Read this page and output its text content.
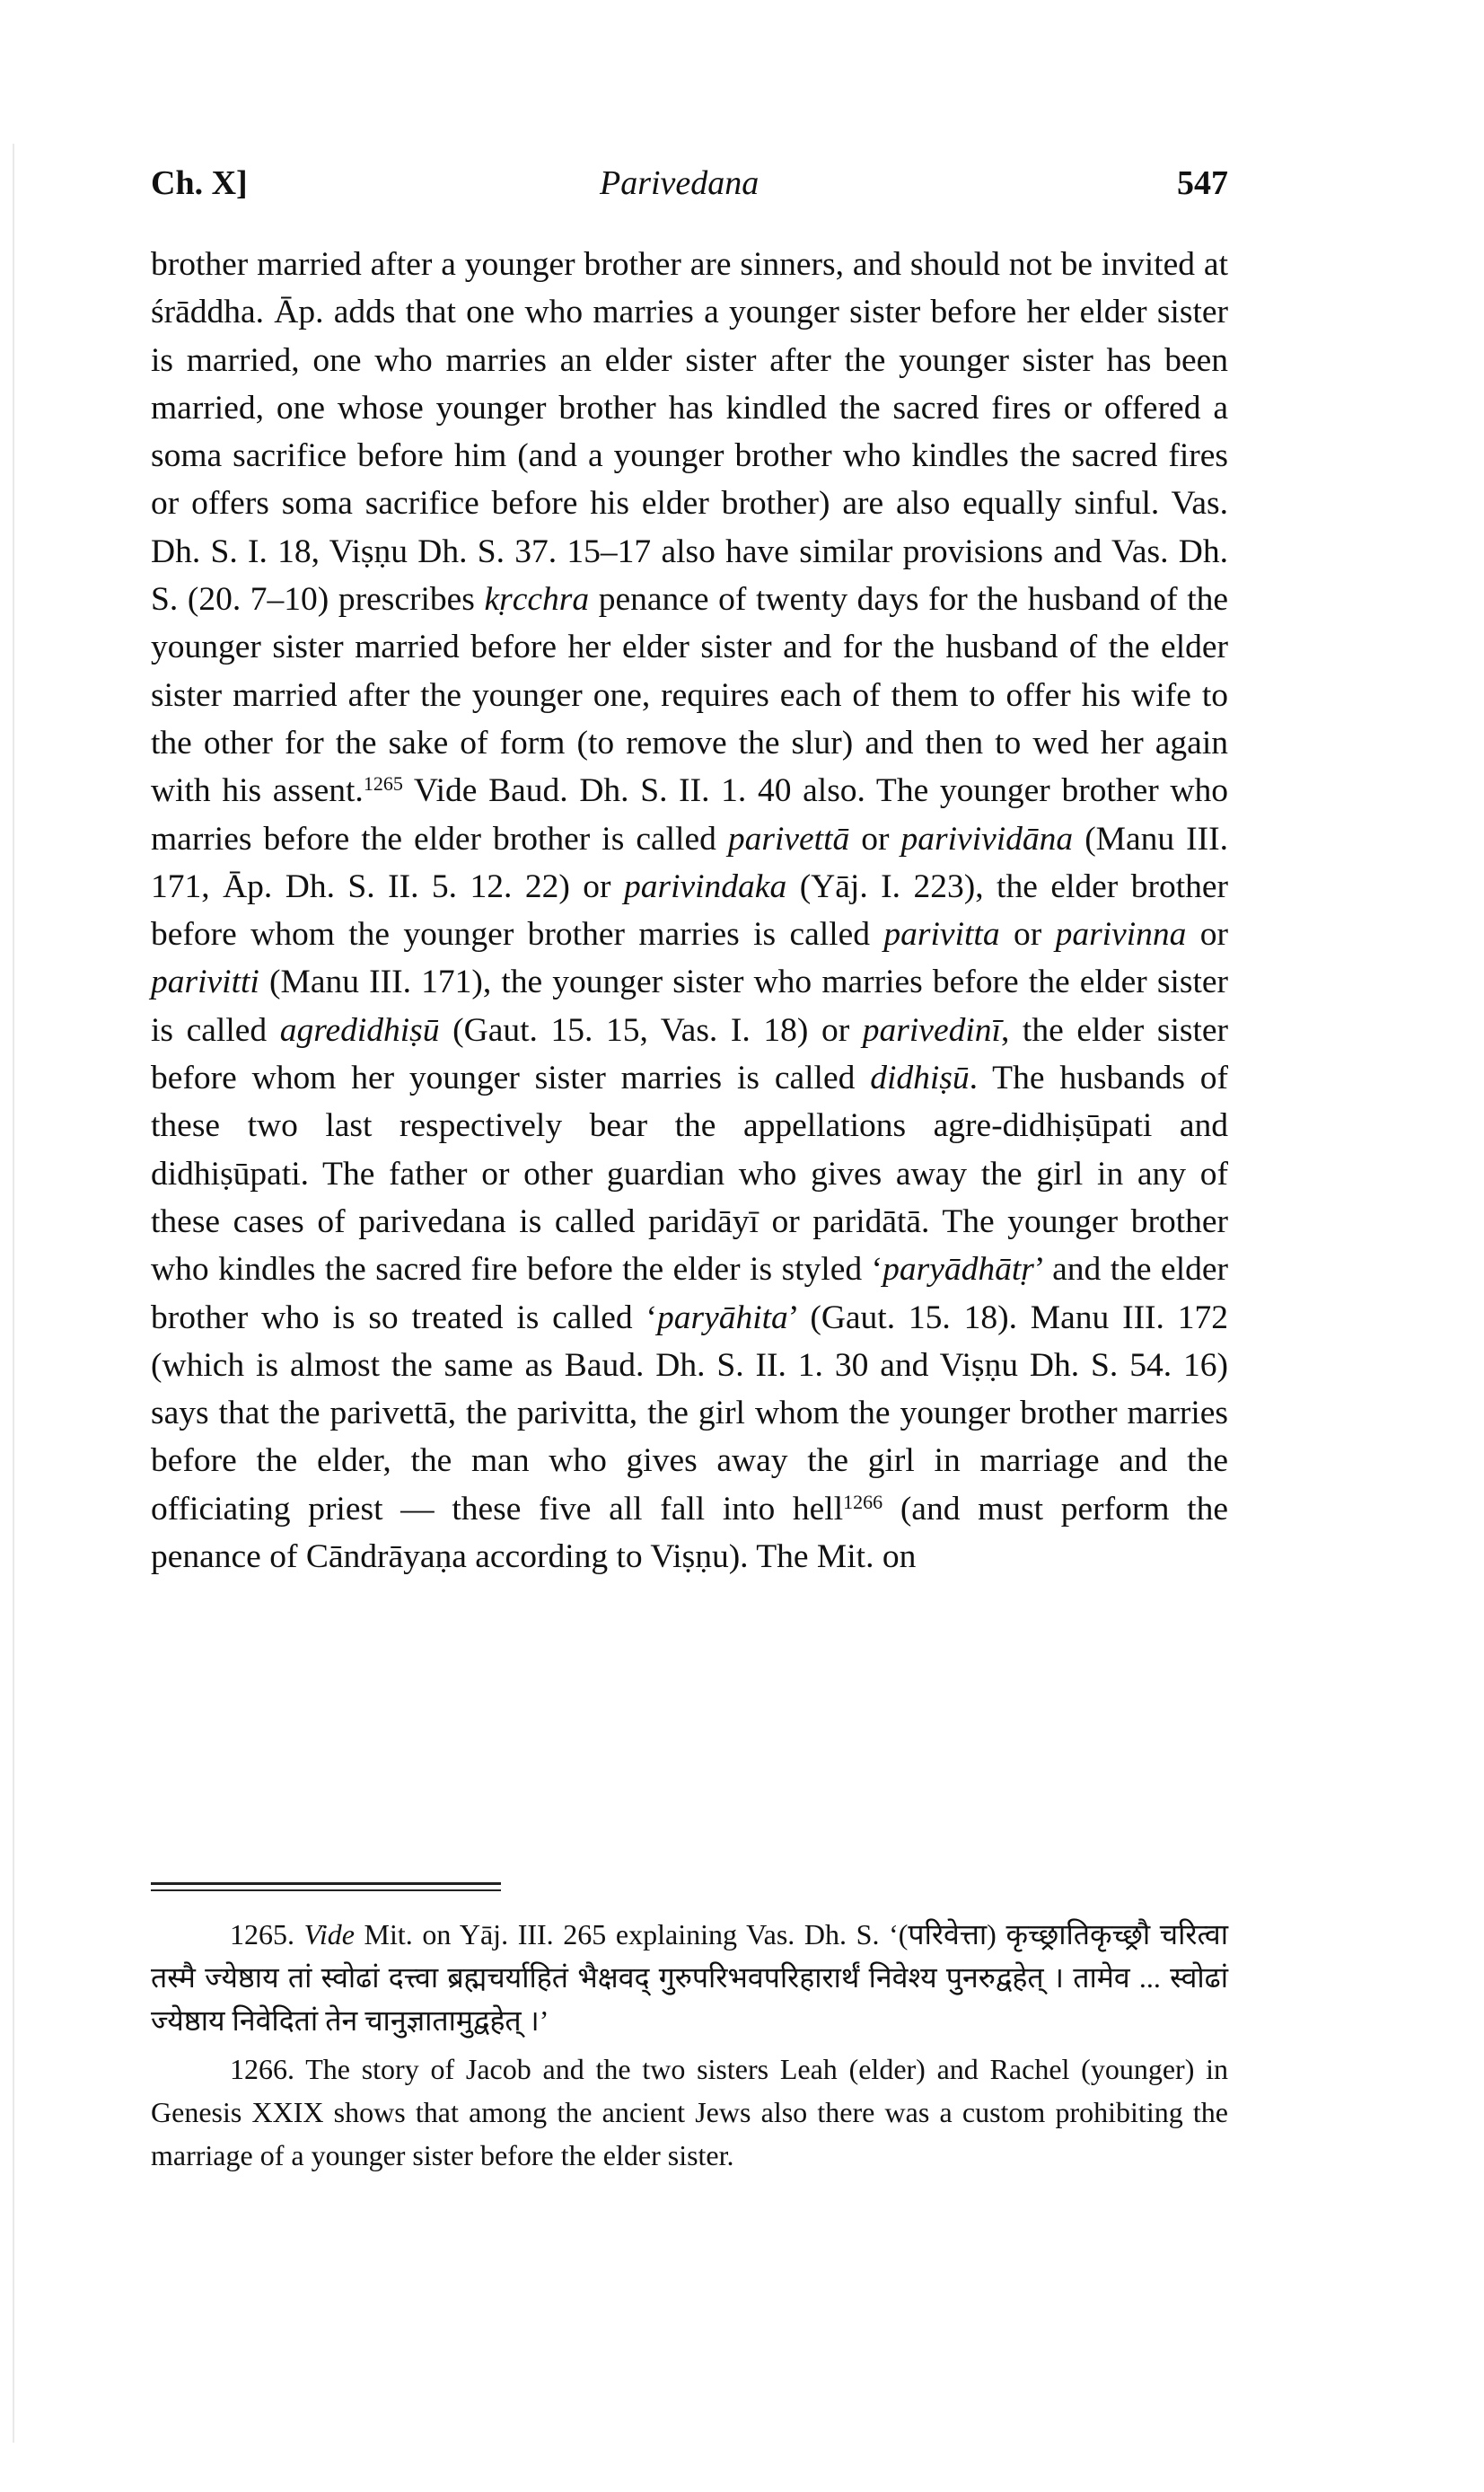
Ch. X]	Parivedana	547
brother married after a younger brother are sinners, and should not be invited at śrāddha. Āp. adds that one who marries a younger sister before her elder sister is married, one who marries an elder sister after the younger sister has been married, one whose younger brother has kindled the sacred fires or offered a soma sacrifice before him (and a younger brother who kindles the sacred fires or offers soma sacrifice before his elder brother) are also equally sinful. Vas. Dh. S. I. 18, Viṣṇu Dh. S. 37. 15–17 also have similar provisions and Vas. Dh. S. (20. 7–10) prescribes kṛcchra penance of twenty days for the husband of the younger sister married before her elder sister and for the husband of the elder sister married after the younger one, requires each of them to offer his wife to the other for the sake of form (to remove the slur) and then to wed her again with his assent.$^{1265}$ Vide Baud. Dh. S. II. 1. 40 also. The younger brother who marries before the elder brother is called parivettā or parivividāna (Manu III. 171, Āp. Dh. S. II. 5. 12. 22) or parivindaka (Yāj. I. 223), the elder brother before whom the younger brother marries is called parivitta or parivinna or parivitti (Manu III. 171), the younger sister who marries before the elder sister is called agredidhiṣū (Gaut. 15. 15, Vas. I. 18) or parivedinī, the elder sister before whom her younger sister marries is called didhiṣū. The husbands of these two last respectively bear the appellations agre-didhiṣūpati and didhiṣūpati. The father or other guardian who gives away the girl in any of these cases of parivedana is called paridāyī or paridātā. The younger brother who kindles the sacred fire before the elder is styled ‘paryādhātṛ’ and the elder brother who is so treated is called ‘paryāhita’ (Gaut. 15. 18). Manu III. 172 (which is almost the same as Baud. Dh. S. II. 1. 30 and Viṣṇu Dh. S. 54. 16) says that the parivettā, the parivitta, the girl whom the younger brother marries before the elder, the man who gives away the girl in marriage and the officiating priest — these five all fall into hell$^{1266}$ (and must perform the penance of Cāndrāyaṇa according to Viṣṇu). The Mit. on

1265. Vide Mit. on Yāj. III. 265 explaining Vas. Dh. S. ‘(परिवेत्ता) कृच्छ्रातिकृच्छ्रौ चरित्वा तस्मै ज्येष्ठाय तां स्वोढां दत्त्वा ब्रह्मचर्याहितं भैक्षवद् गुरुपरिभवपरिहारार्थं निवेश्य पुनरुद्वहेत् । तामेव ... स्वोढां ज्येष्ठाय निवेदितां तेन चानुज्ञातामुद्वहेत् ।’

1266. The story of Jacob and the two sisters Leah (elder) and Rachel (younger) in Genesis XXIX shows that among the ancient Jews also there was a custom prohibiting the marriage of a younger sister before the elder sister.
